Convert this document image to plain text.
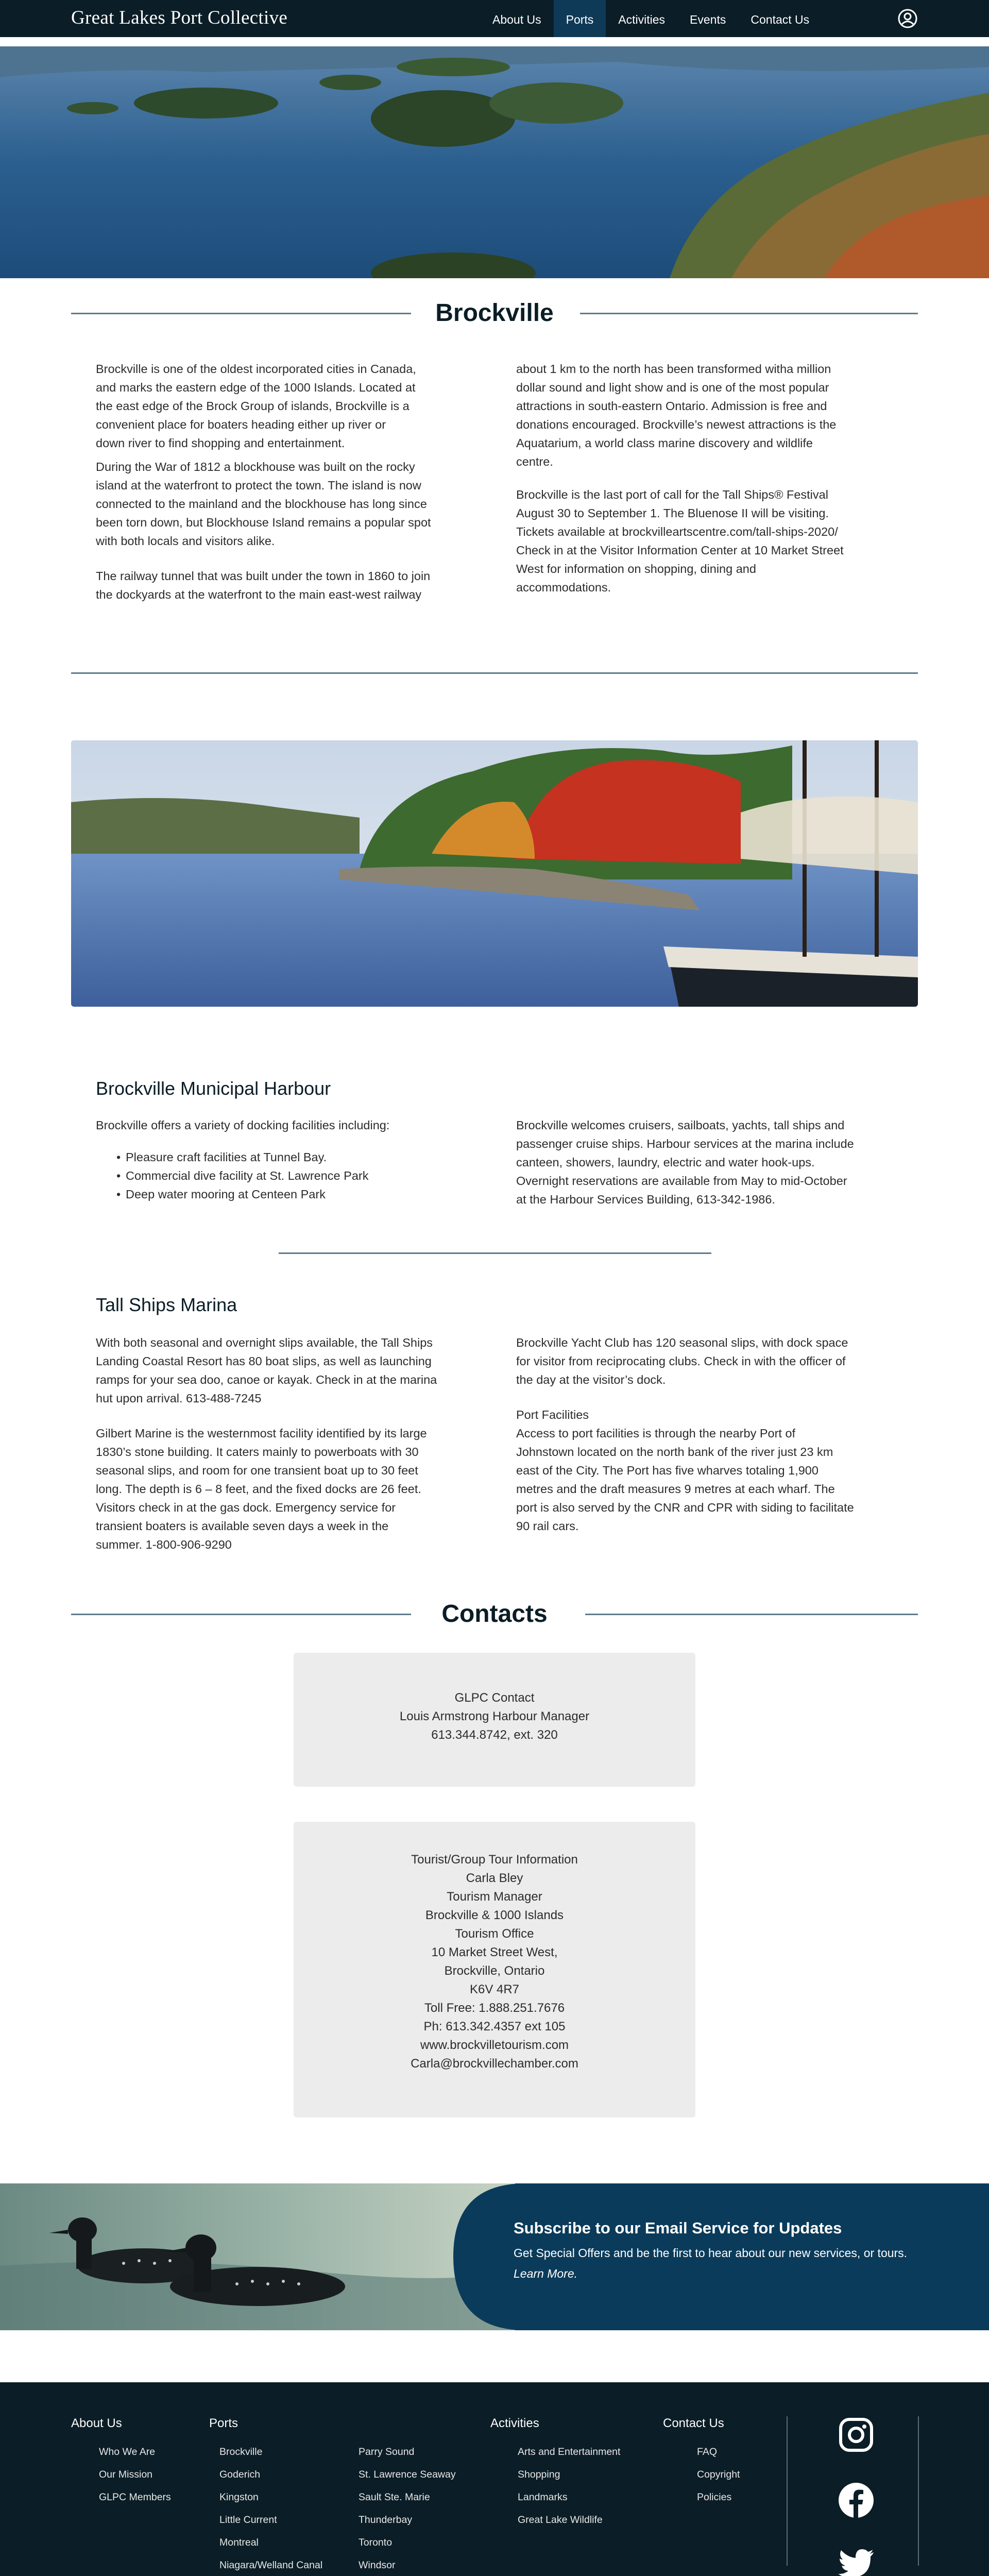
Great Lakes Port Collective	About Us	Ports	Activities	Events	Contact Us
Brockville
Brockville is one of the oldest incorporated cities in Canada,
and marks the eastern edge of the 1000 Islands. Located at
the east edge of the Brock Group of islands, Brockville is a
convenient place for boaters heading either up river or
down river to find shopping and entertainment.
During the War of 1812 a blockhouse was built on the rocky
island at the waterfront to protect the town. The island is now
connected to the mainland and the blockhouse has long since
been torn down, but Blockhouse Island remains a popular spot
with both locals and visitors alike.
The railway tunnel that was built under the town in 1860 to join
the dockyards at the waterfront to the main east-west railway
about 1 km to the north has been transformed witha million
dollar sound and light show and is one of the most popular
attractions in south-eastern Ontario. Admission is free and
donations encouraged. Brockville’s newest attractions is the
Aquatarium, a world class marine discovery and wildlife
centre.
Brockville is the last port of call for the Tall Ships® Festival
August 30 to September 1. The Bluenose II will be visiting.
Tickets available at brockvilleartscentre.com/tall-ships-2020/
Check in at the Visitor Information Center at 10 Market Street
West for information on shopping, dining and
accommodations.
Brockville Municipal Harbour
Brockville offers a variety of docking facilities including:
• Pleasure craft facilities at Tunnel Bay.
• Commercial dive facility at St. Lawrence Park
• Deep water mooring at Centeen Park
Brockville welcomes cruisers, sailboats, yachts, tall ships and
passenger cruise ships. Harbour services at the marina include
canteen, showers, laundry, electric and water hook-ups.
Overnight reservations are available from May to mid-October
at the Harbour Services Building, 613-342-1986.
Tall Ships Marina
With both seasonal and overnight slips available, the Tall Ships
Landing Coastal Resort has 80 boat slips, as well as launching
ramps for your sea doo, canoe or kayak. Check in at the marina
hut upon arrival. 613-488-7245
Gilbert Marine is the westernmost facility identified by its large
1830’s stone building. It caters mainly to powerboats with 30
seasonal slips, and room for one transient boat up to 30 feet
long. The depth is 6 – 8 feet, and the fixed docks are 26 feet.
Visitors check in at the gas dock. Emergency service for
transient boaters is available seven days a week in the
summer. 1-800-906-9290
Brockville Yacht Club has 120 seasonal slips, with dock space
for visitor from reciprocating clubs. Check in with the officer of
the day at the visitor’s dock.
Port Facilities
Access to port facilities is through the nearby Port of
Johnstown located on the north bank of the river just 23 km
east of the City. The Port has five wharves totaling 1,900
metres and the draft measures 9 metres at each wharf. The
port is also served by the CNR and CPR with siding to facilitate
90 rail cars.
Contacts
GLPC Contact
Louis Armstrong Harbour Manager
613.344.8742, ext. 320
Tourist/Group Tour Information
Carla Bley
Tourism Manager
Brockville & 1000 Islands
Tourism Office
10 Market Street West,
Brockville, Ontario
K6V 4R7
Toll Free: 1.888.251.7676
Ph: 613.342.4357 ext 105
www.brockvilletourism.com
Carla@brockvillechamber.com
Subscribe to our Email Service for Updates
Get Special Offers and be the first to hear about our new services, or tours.
Learn More.
About Us
Who We Are
Our Mission
GLPC Members
Ports
Brockville
Goderich
Kingston
Little Current
Montreal
Niagara/Welland Canal
Parry Sound
St. Lawrence Seaway
Sault Ste. Marie
Thunderbay
Toronto
Windsor
Activities
Arts and Entertainment
Shopping
Landmarks
Great Lake Wildlife
Contact Us
FAQ
Copyright
Policies
